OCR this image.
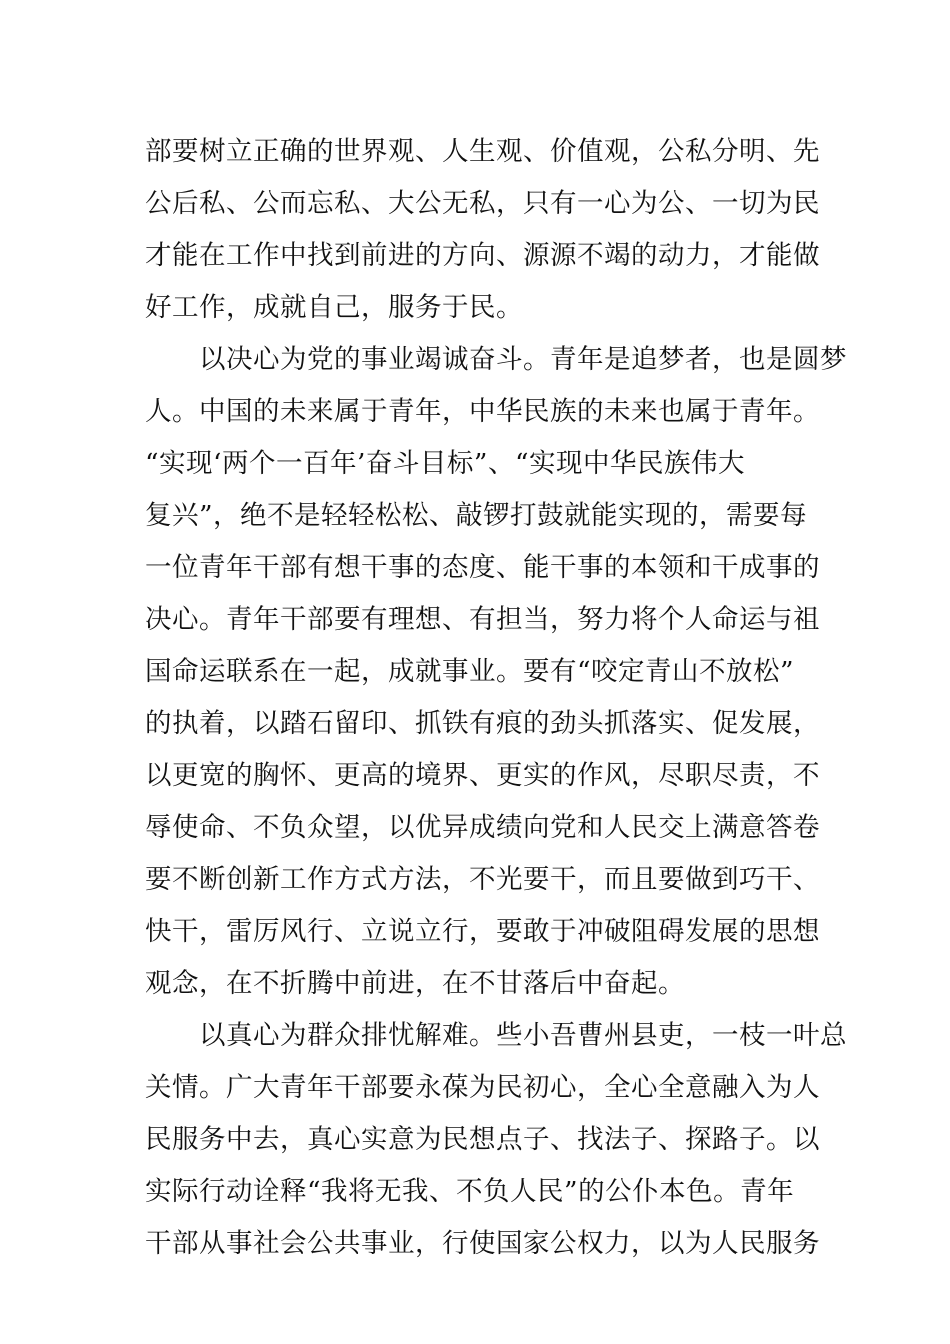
部要树立正确的世界观、人生观、价值观，公私分明、先
公后私、公而忘私、大公无私，只有一心为公、一切为民
才能在工作中找到前进的方向、源源不竭的动力，才能做
好工作，成就自己，服务于民。
以决心为党的事业竭诚奋斗。青年是追梦者，也是圆梦
人。中国的未来属于青年，中华民族的未来也属于青年。
“实现‘两个一百年’奋斗目标”、“实现中华民族伟大
复兴”，绝不是轻轻松松、敲锣打鼓就能实现的，需要每
一位青年干部有想干事的态度、能干事的本领和干成事的
决心。青年干部要有理想、有担当，努力将个人命运与祖
国命运联系在一起，成就事业。要有“咬定青山不放松”
的执着，以踏石留印、抓铁有痕的劲头抓落实、促发展，
以更宽的胸怀、更高的境界、更实的作风，尽职尽责，不
辱使命、不负众望，以优异成绩向党和人民交上满意答卷
要不断创新工作方式方法，不光要干，而且要做到巧干、
快干，雷厉风行、立说立行，要敢于冲破阻碍发展的思想
观念，在不折腾中前进，在不甘落后中奋起。
以真心为群众排忧解难。些小吾曹州县吏，一枝一叶总
关情。广大青年干部要永葆为民初心，全心全意融入为人
民服务中去，真心实意为民想点子、找法子、探路子。以
实际行动诠释“我将无我、不负人民”的公仆本色。青年
干部从事社会公共事业，行使国家公权力，以为人民服务
